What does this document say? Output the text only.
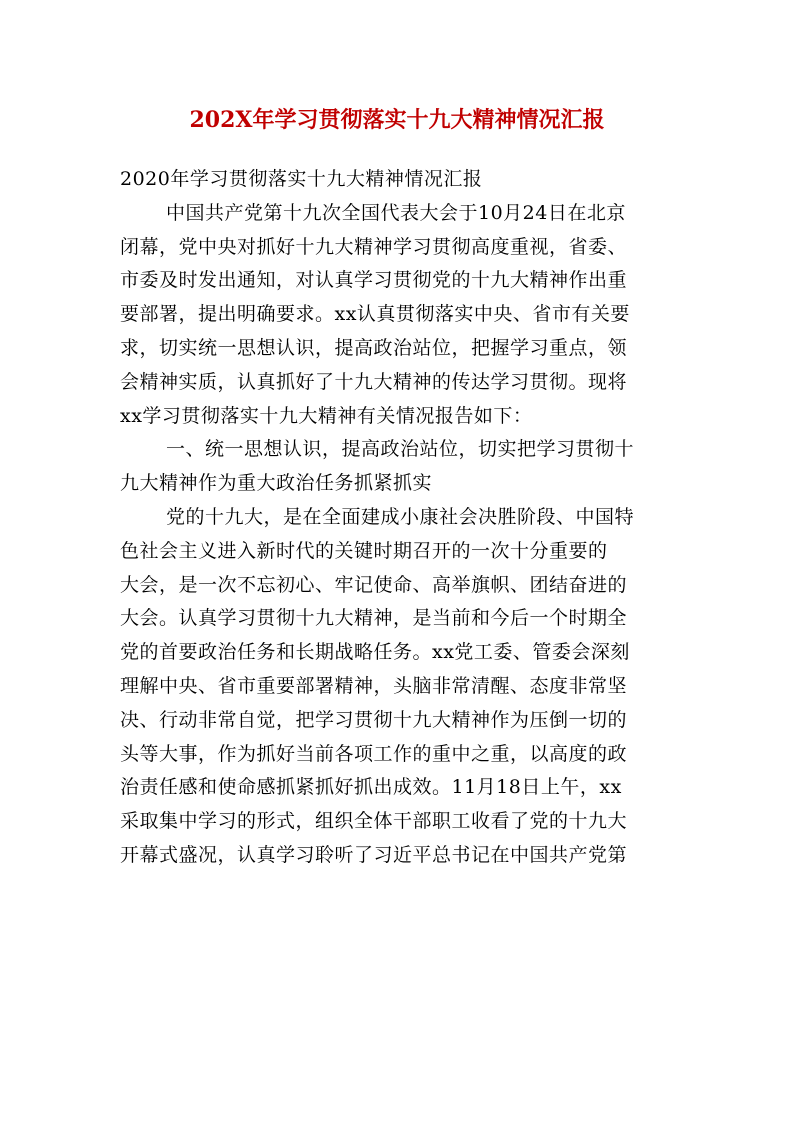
202X年学习贯彻落实十九大精神情况汇报
2020年学习贯彻落实十九大精神情况汇报
中国共产党第十九次全国代表大会于10月24日在北京
闭幕，党中央对抓好十九大精神学习贯彻高度重视，省委、
市委及时发出通知，对认真学习贯彻党的十九大精神作出重
要部署，提出明确要求。xx认真贯彻落实中央、省市有关要
求，切实统一思想认识，提高政治站位，把握学习重点，领
会精神实质，认真抓好了十九大精神的传达学习贯彻。现将
xx学习贯彻落实十九大精神有关情况报告如下：
一、统一思想认识，提高政治站位，切实把学习贯彻十
九大精神作为重大政治任务抓紧抓实
党的十九大，是在全面建成小康社会决胜阶段、中国特
色社会主义进入新时代的关键时期召开的一次十分重要的
大会，是一次不忘初心、牢记使命、高举旗帜、团结奋进的
大会。认真学习贯彻十九大精神，是当前和今后一个时期全
党的首要政治任务和长期战略任务。xx党工委、管委会深刻
理解中央、省市重要部署精神，头脑非常清醒、态度非常坚
决、行动非常自觉，把学习贯彻十九大精神作为压倒一切的
头等大事，作为抓好当前各项工作的重中之重，以高度的政
治责任感和使命感抓紧抓好抓出成效。11月18日上午，xx
采取集中学习的形式，组织全体干部职工收看了党的十九大
开幕式盛况，认真学习聆听了习近平总书记在中国共产党第
